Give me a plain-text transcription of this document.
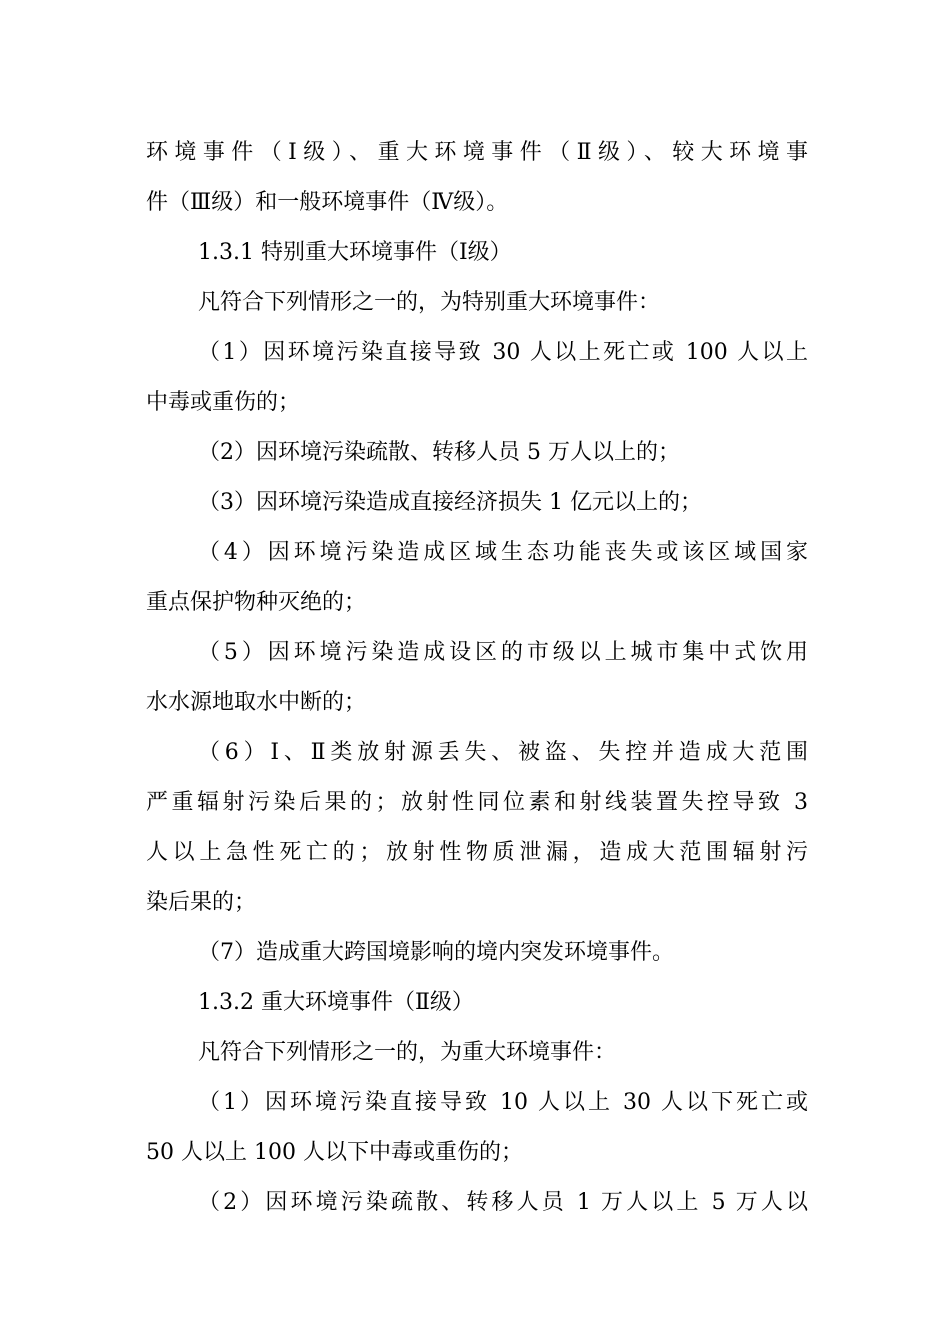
环境事件（Ⅰ级）、重大环境事件（Ⅱ级）、较大环境事
件（Ⅲ级）和一般环境事件（Ⅳ级）。
1.3.1 特别重大环境事件（Ⅰ级）
凡符合下列情形之一的，为特别重大环境事件：
（1）因环境污染直接导致 30 人以上死亡或 100 人以上
中毒或重伤的；
（2）因环境污染疏散、转移人员 5 万人以上的；
（3）因环境污染造成直接经济损失 1 亿元以上的；
（4）因环境污染造成区域生态功能丧失或该区域国家
重点保护物种灭绝的；
（5）因环境污染造成设区的市级以上城市集中式饮用
水水源地取水中断的；
（6）Ⅰ、Ⅱ类放射源丢失、被盗、失控并造成大范围
严重辐射污染后果的；放射性同位素和射线装置失控导致 3
人以上急性死亡的；放射性物质泄漏，造成大范围辐射污
染后果的；
（7）造成重大跨国境影响的境内突发环境事件。
1.3.2 重大环境事件（Ⅱ级）
凡符合下列情形之一的，为重大环境事件：
（1）因环境污染直接导致 10 人以上 30 人以下死亡或
50 人以上 100 人以下中毒或重伤的；
（2）因环境污染疏散、转移人员 1 万人以上 5 万人以
